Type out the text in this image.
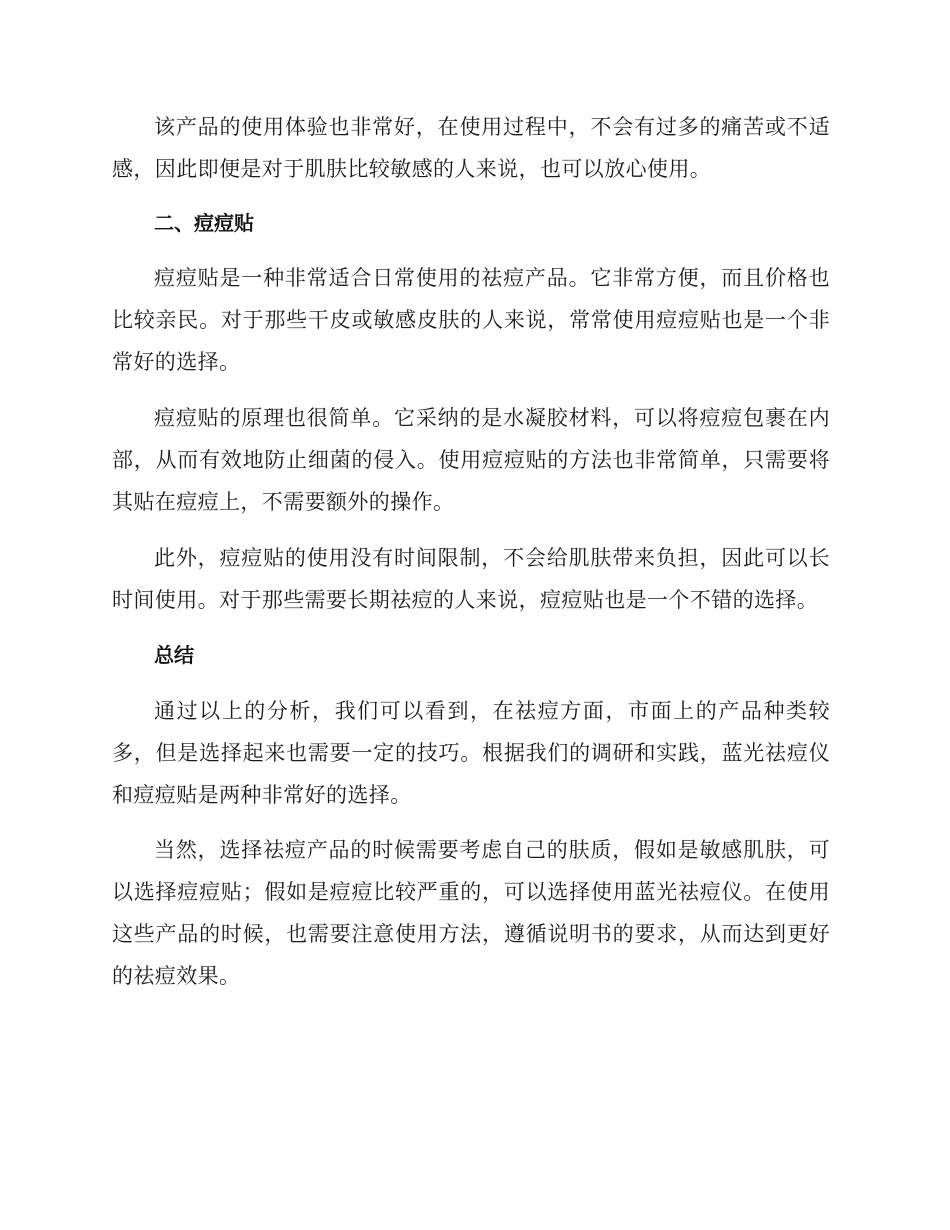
该产品的使用体验也非常好，在使用过程中，不会有过多的痛苦或不适感，因此即便是对于肌肤比较敏感的人来说，也可以放心使用。

二、痘痘贴

痘痘贴是一种非常适合日常使用的祛痘产品。它非常方便，而且价格也比较亲民。对于那些干皮或敏感皮肤的人来说，常常使用痘痘贴也是一个非常好的选择。

痘痘贴的原理也很简单。它采纳的是水凝胶材料，可以将痘痘包裹在内部，从而有效地防止细菌的侵入。使用痘痘贴的方法也非常简单，只需要将其贴在痘痘上，不需要额外的操作。

此外，痘痘贴的使用没有时间限制，不会给肌肤带来负担，因此可以长时间使用。对于那些需要长期祛痘的人来说，痘痘贴也是一个不错的选择。

总结

通过以上的分析，我们可以看到，在祛痘方面，市面上的产品种类较多，但是选择起来也需要一定的技巧。根据我们的调研和实践，蓝光祛痘仪和痘痘贴是两种非常好的选择。

当然，选择祛痘产品的时候需要考虑自己的肤质，假如是敏感肌肤，可以选择痘痘贴；假如是痘痘比较严重的，可以选择使用蓝光祛痘仪。在使用这些产品的时候，也需要注意使用方法，遵循说明书的要求，从而达到更好的祛痘效果。
